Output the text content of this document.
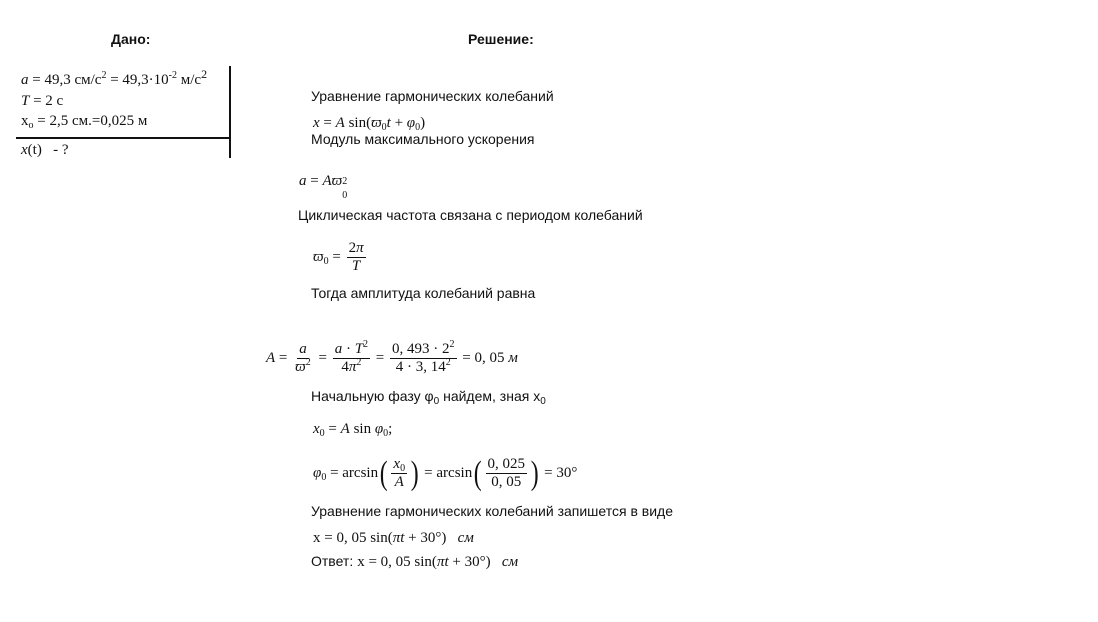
Дано:
a = 49,3 $см/с^2 = 49,3\cdot 10^{-2}$ $м/с^2$
T = 2 с
$x_o = 2,5$ см.=0,025 м
x(t)   - ?
Решение:
Уравнение гармонических колебаний
x = A $\sin(ϖ_0t + \varphi_0)$
Модуль максимального ускорения
a = Aϖ 2
0
Циклическая частота связана с периодом колебаний
$ϖ_0 = \frac{2\pi}{T}$
Тогда амплитуда колебаний равна
$A = \frac{a}{ϖ^2} = \frac{a \cdot T^2}{4\pi^2} = \frac{0, 493 \cdot 2^2}{4 \cdot 3, 14^2} = 0$, 05 м
Начальную фазу $\varphi_0$ найдем, зная $x_0$
$x_0 = A$ $\sin \varphi_0$;
$\varphi_0 = \arcsin$ ( $\frac{x_0}{A}$ ) = arcsin ( $\frac{0, 025}{0, 05}$ ) = 30°
Уравнение гармонических колебаний запишется в виде
x = 0, 05 sin(πt + 30°) см
Ответ: x = 0, 05 sin(πt + 30°) см
